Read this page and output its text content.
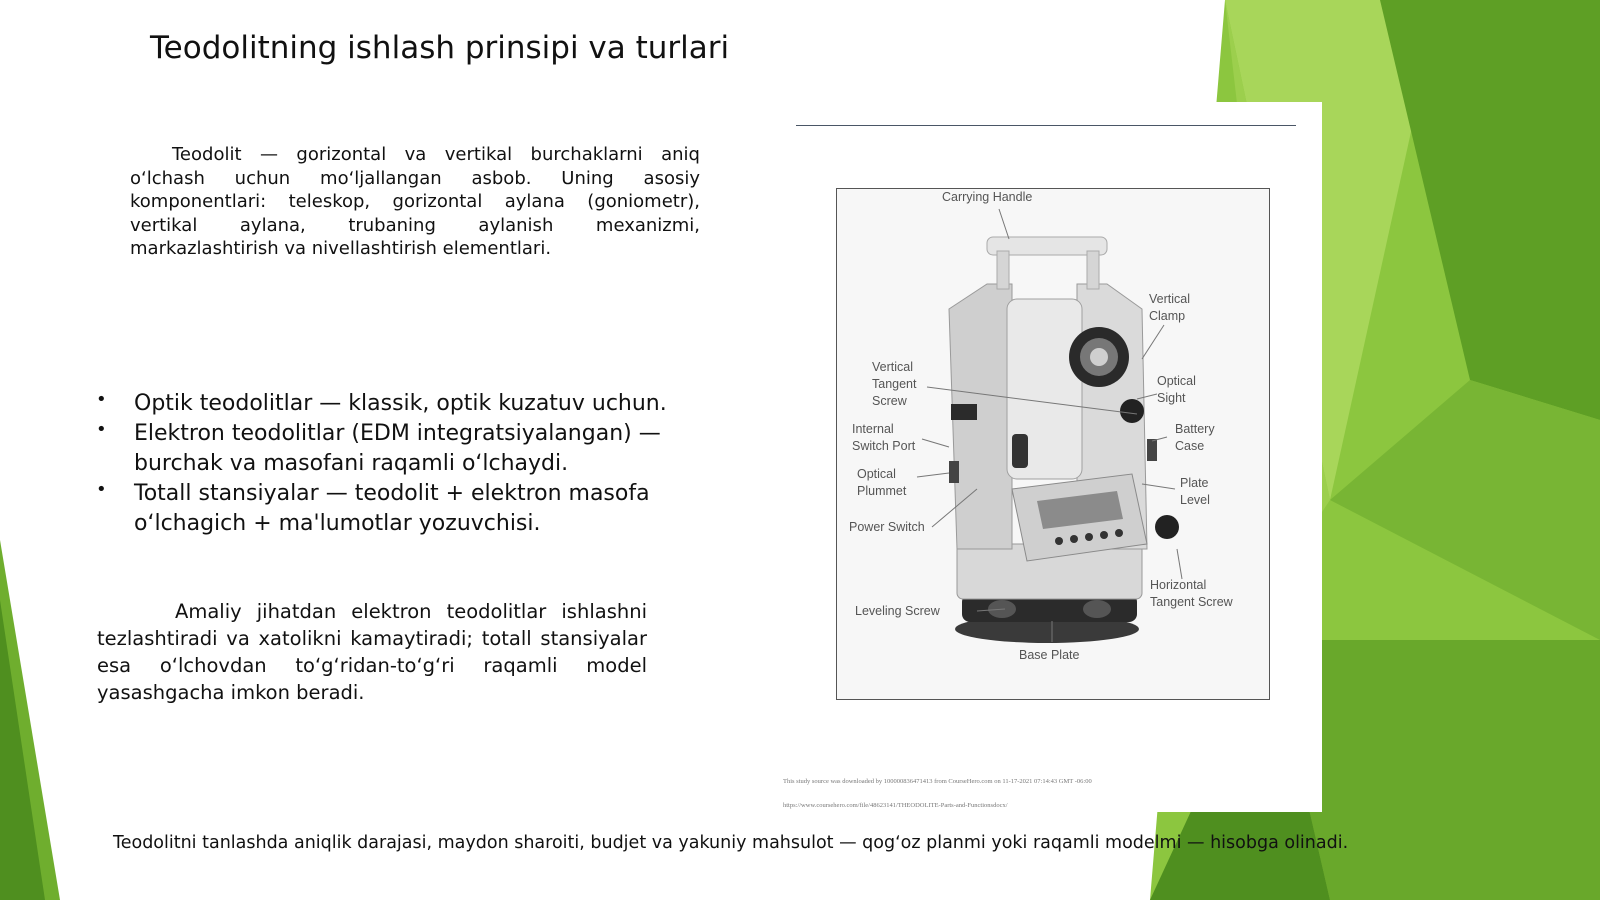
Teodolitning ishlash prinsipi va turlari

Teodolit — gorizontal va vertikal burchaklarni aniq oʻlchash uchun moʻljallangan asbob. Uning asosiy komponentlari: teleskop, gorizontal aylana (goniometr), vertikal aylana, trubaning aylanish mexanizmi, markazlashtirish va nivellashtirish elementlari.

• Optik teodolitlar — klassik, optik kuzatuv uchun.
• Elektron teodolitlar (EDM integratsiyalangan) — burchak va masofani raqamli oʻlchaydi.
• Totall stansiyalar — teodolit + elektron masofa oʻlchagich + ma'lumotlar yozuvchisi.

Amaliy jihatdan elektron teodolitlar ishlashni tezlashtiradi va xatolikni kamaytiradi; totall stansiyalar esa oʻlchovdan toʻgʻridan-toʻgʻri raqamli model yasashgacha imkon beradi.

Carrying Handle
Vertical Clamp
Vertical Tangent Screw
Optical Sight
Internal Switch Port
Battery Case
Optical Plummet
Plate Level
Power Switch
Horizontal Tangent Screw
Leveling Screw
Base Plate
This study source was downloaded by 100000836471413 from CourseHero.com on 11-17-2021 07:14:43 GMT -06:00
https://www.coursehero.com/file/48623141/THEODOLITE-Parts-and-Functionsdocx/

Teodolitni tanlashda aniqlik darajasi, maydon sharoiti, budjet va yakuniy mahsulot — qogʻoz planmi yoki raqamli modelmi — hisobga olinadi.
